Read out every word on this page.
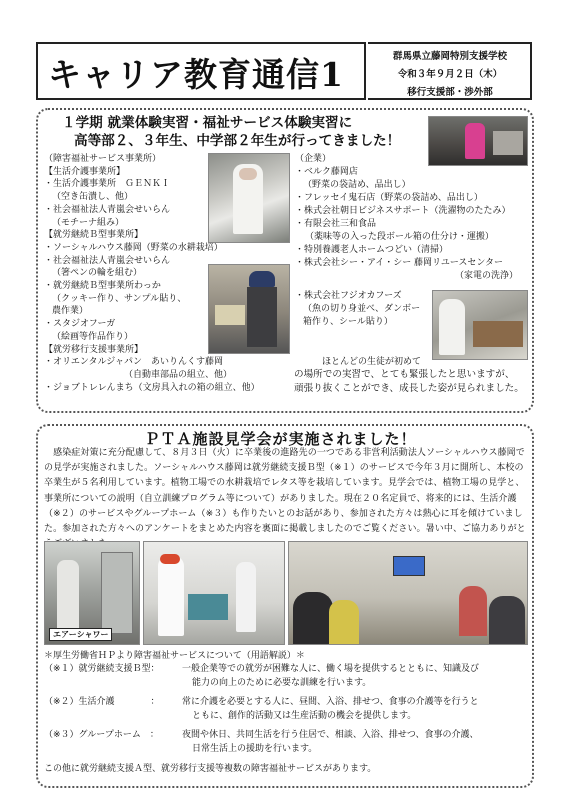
キャリア教育通信1	群馬県立藤岡特別支援学校
令和３年９月２日（木）
移行支援部・渉外部
１学期 就業体験実習・福祉サービス体験実習に
高等部２、３年生、中学部２年生が行ってきました！
（障害福祉サービス事業所）
【生活介護事業所】
・生活介護事業所　ＧＥＮＫＩ
（空き缶潰し、他）
・社会福祉法人青嵐会せいらん
（モチーナ組み）
【就労継続Ｂ型事業所】
・ソーシャルハウス藤岡（野菜の水耕栽培）
・社会福祉法人青嵐会せいらん
（箸ペンの輪を組む）
・就労継続Ｂ型事業所わっか
（クッキー作り、サンプル貼り、
農作業）
・スタジオフーガ
（絵画等作品作り）
【就労移行支援事業所】
・オリエンタルジャパン　あいりんくす藤岡
（自動車部品の組立、他）
・ジョブトレレんまち（文房具入れの箱の組立、他）
（企業）
・ベルク藤岡店
（野菜の袋詰め、品出し）
・フレッセイ鬼石店（野菜の袋詰め、品出し）
・株式会社朝日ビジネスサポート（洗濯物のたたみ）
・有限会社三和食品
（薬味等の入った段ボール箱の仕分け・運搬）
・特別養護老人ホームつどい（清掃）
・株式会社シー・アイ・シー 藤岡リユースセンター
（家電の洗浄）
・株式会社フジオカフーズ
（魚の切り身並べ、ダンボー
箱作り、シール貼り）
ほとんどの生徒が初めて
の場所での実習で、とても緊張したと思いますが、
頑張り抜くことができ、成長した姿が見られました。
ＰＴＡ施設見学会が実施されました！
　感染症対策に充分配慮して、８月３日（火）に卒業後の進路先の一つである非営利活動法人ソーシャルハウス藤岡での見学が実施されました。ソーシャルハウス藤岡は就労継続支援Ｂ型（※１）のサービスで今年３月に開所し、本校の卒業生が５名利用しています。植物工場での水耕栽培でレタス等を栽培しています。見学会では、植物工場の見学と、事業所についての説明（自立訓練プログラム等について）がありました。現在２０名定員で、将来的には、生活介護（※２）のサービスやグループホーム（※３）も作りたいとのお話があり、参加された方々は熱心に耳を傾けていました。参加された方々へのアンケートをまとめた内容を裏面に掲載しましたのでご覧ください。暑い中、ご協力ありがと
エアーシャワー
＊厚生労働省ＨＰより障害福祉サービスについて（用語解説）＊
（※１）就労継続支援Ｂ型： 一般企業等での就労が困難な人に、働く場を提供するとともに、知識及び
能力の向上のために必要な訓練を行います。
（※２）生活介護　　　　： 常に介護を必要とする人に、昼間、入浴、排せつ、食事の介護等を行うと
ともに、創作的活動又は生産活動の機会を提供します。
（※３）グループホーム　：	夜間や休日、共同生活を行う住居で、相談、入浴、排せつ、食事の介護、
日常生活上の援助を行います。
この他に就労継続支援Ａ型、就労移行支援等複数の障害福祉サービスがあります。
